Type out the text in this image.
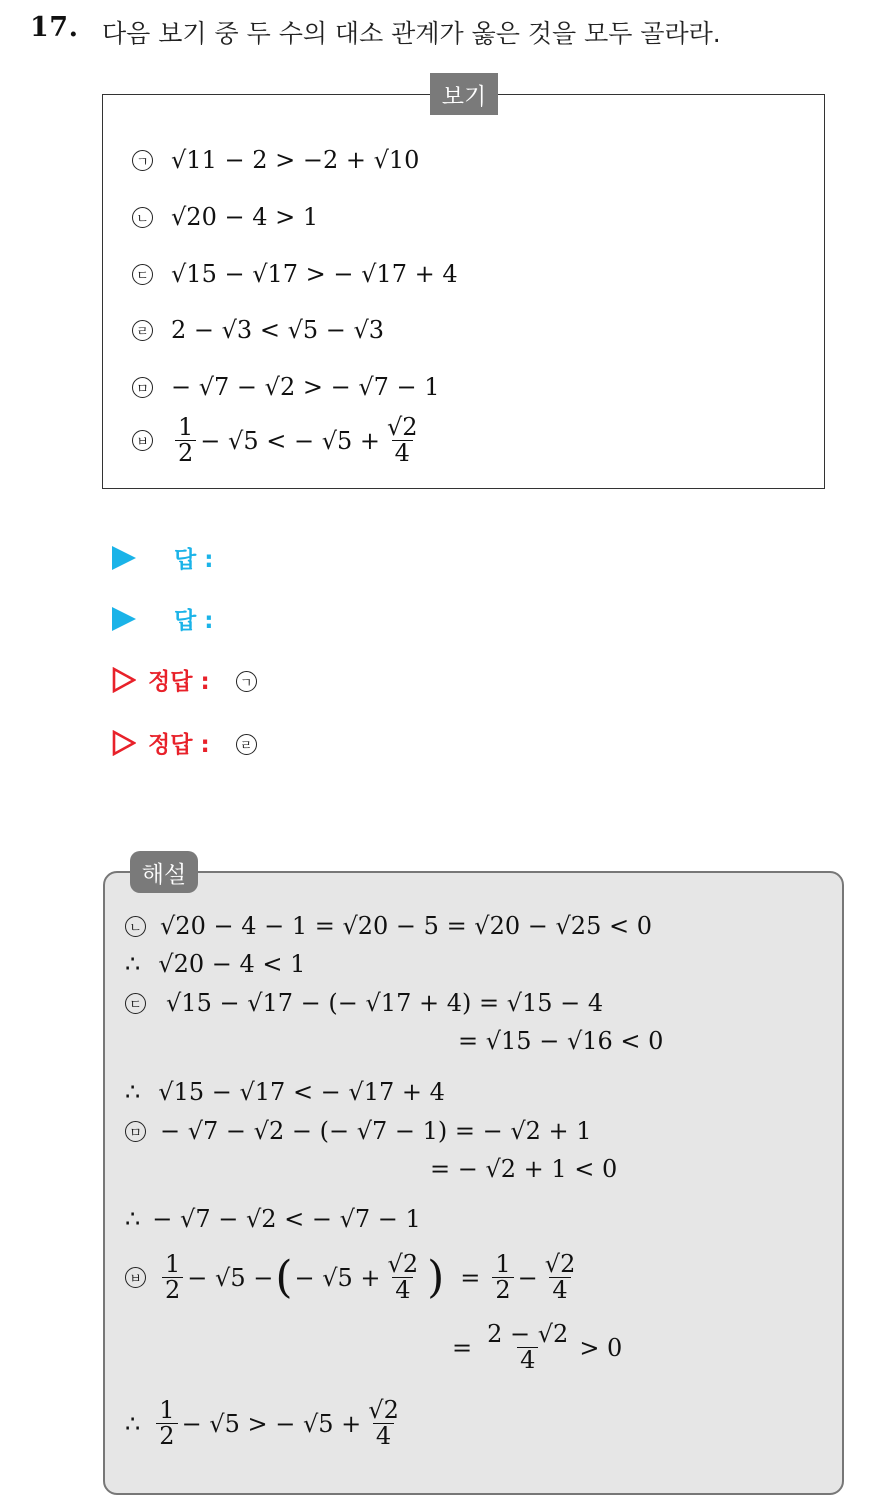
17. 다음 보기 중 두 수의 대소 관계가 옳은 것을 모두 골라라.
보기
ㄱ √11 − 2 > −2 + √10
ㄴ √20 − 4 > 1
ㄷ √15 − √17 > − √17 + 4
ㄹ 2 − √3 < √5 − √3
ㅁ − √7 − √2 > − √7 − 1
ㅂ $\frac{1}{2} - √5$ < − $√5 + \frac{√2}{4}$
답 :
답 :
정답 :	ㄱ
정답 :	ㄹ
해설
ㄴ √20 − 4 − 1 = √20 − 5 = √20 − √25 < 0
∴ √20 − 4 < 1
ㄷ √15 − √17 − (− √17 + 4) = √15 − 4
= √15 − √16 < 0
∴ √15 − √17 < − √17 + 4
ㅁ − √7 − √2 − (− √7 − 1) = − √2 + 1
= − √2 + 1 < 0
∴ − √7 − √2 < − √7 − 1
ㅂ $\frac{1}{2} - √5$ − ( − $√5 + \frac{√2}{4}$ ) = $\frac{1}{2} - \frac{√2}{4}$
= $\frac{2 - √2}{4} > 0$
∴ $\frac{1}{2} - √5$ > − $√5 + \frac{√2}{4}$
